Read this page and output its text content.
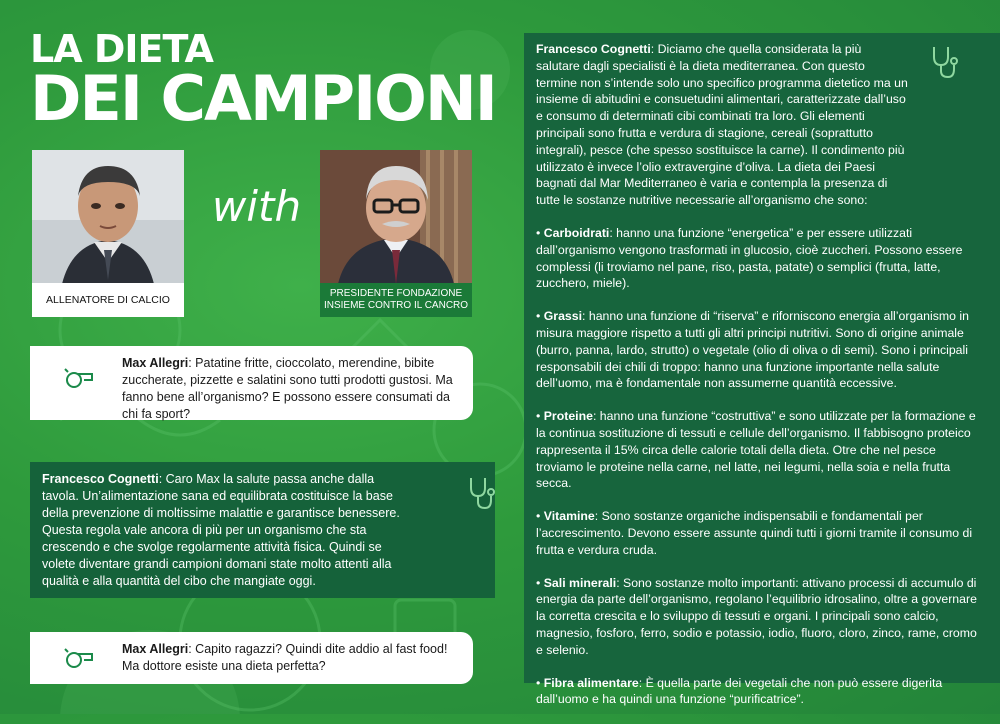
LA DIETA
DEI CAMPIONI
ALLENATORE DI CALCIO
with
PRESIDENTE FONDAZIONE
INSIEME CONTRO IL CANCRO
Max Allegri: Patatine fritte, cioccolato, merendine, bibite zuccherate, pizzette e salatini sono tutti prodotti gustosi. Ma fanno bene all’organismo? E possono essere consumati da chi fa sport?
Francesco Cognetti: Caro Max la salute passa anche dalla tavola. Un’alimentazione sana ed equilibrata costituisce la base della prevenzione di moltissime malattie e garantisce benessere. Questa regola vale ancora di più per un organismo che sta crescendo e che svolge regolarmente attività fisica. Quindi se volete diventare grandi campioni domani state molto attenti alla qualità e alla quantità del cibo che mangiate oggi.
Max Allegri: Capito ragazzi? Quindi dite addio al fast food! Ma dottore esiste una dieta perfetta?

Francesco Cognetti: Diciamo che quella considerata la più salutare dagli specialisti è la dieta mediterranea. Con questo termine non s’intende solo uno specifico programma dietetico ma un insieme di abitudini e consuetudini alimentari, caratterizzate dall’uso e consumo di determinati cibi combinati tra loro. Gli elementi principali sono frutta e verdura di stagione, cereali (soprattutto integrali), pesce (che spesso sostituisce la carne). Il condimento più utilizzato è invece l’olio extravergine d’oliva. La dieta dei Paesi bagnati dal Mar Mediterraneo è varia e contempla la presenza di tutte le sostanze nutritive necessarie all’organismo che sono:

• Carboidrati: hanno una funzione “energetica” e per essere utilizzati dall’organismo vengono trasformati in glucosio, cioè zuccheri. Possono essere complessi (li troviamo nel pane, riso, pasta, patate) o semplici (frutta, latte, zucchero, miele).

• Grassi: hanno una funzione di “riserva” e riforniscono energia all’organismo in misura maggiore rispetto a tutti gli altri principi nutritivi. Sono di origine animale (burro, panna, lardo, strutto) o vegetale (olio di oliva o di semi). Sono i principali responsabili dei chili di troppo: hanno una funzione importante nella salute dell’uomo, ma è fondamentale non assumerne quantità eccessive.

• Proteine: hanno una funzione “costruttiva” e sono utilizzate per la formazione e la continua sostituzione di tessuti e cellule dell’organismo. Il fabbisogno proteico rappresenta il 15% circa delle calorie totali della dieta. Otre che nel pesce troviamo le proteine nella carne, nel latte, nei legumi, nella soia e nella frutta secca.

• Vitamine: Sono sostanze organiche indispensabili e fondamentali per l’accrescimento. Devono essere assunte quindi tutti i giorni tramite il consumo di frutta e verdura cruda.

• Sali minerali: Sono sostanze molto importanti: attivano processi di accumulo di energia da parte dell’organismo, regolano l’equilibrio idrosalino, oltre a governare la corretta crescita e lo sviluppo di tessuti e organi. I principali sono calcio, magnesio, fosforo, ferro, sodio e potassio, iodio, fluoro, cloro, zinco, rame, cromo e selenio.

• Fibra alimentare: È quella parte dei vegetali che non può essere digerita dall’uomo e ha quindi una funzione “purificatrice”.
